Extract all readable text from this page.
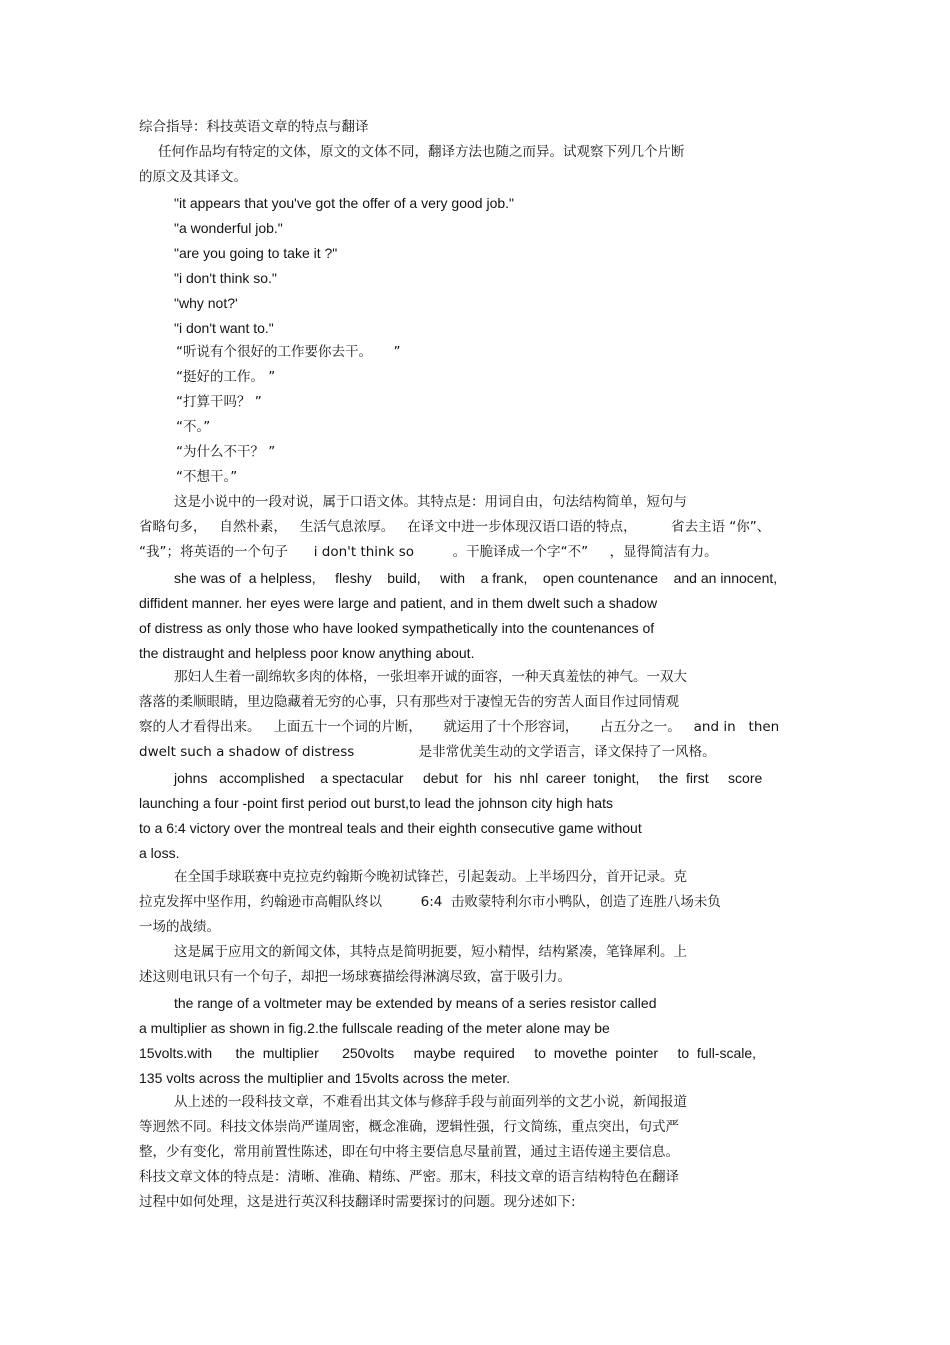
综合指导：科技英语文章的特点与翻译
任何作品均有特定的文体，原文的文体不同，翻译方法也随之而异。试观察下列几个片断
的原文及其译文。
"it appears that you've got the offer of a very good job."
"a wonderful job."
"are you going to take it ?"
"i don't think so."
"why not?'
"i don't want to."
“听说有个很好的工作要你去干。     ”
“挺好的工作。 ”
“打算干吗？ ”
“不。”
“为什么不干？ ”
“不想干。”
这是小说中的一段对说，属于口语文体。其特点是：用词自由，句法结构简单，短句与
省略句多，   自然朴素，   生活气息浓厚。   在译文中进一步体现汉语口语的特点，        省去主语 “你”、
“我”；将英语的一个句子      i don't think so         。干脆译成一个字“不”     ，显得简洁有力。
she was of  a helpless,     fleshy    build,     with    a frank,    open countenance    and an innocent,
diffident manner. her eyes were large and patient, and in them dwelt such a shadow
of distress as only those who have looked sympathetically into the countenances of
the distraught and helpless poor know anything about.
那妇人生着一副绵软多肉的体格，一张坦率开诚的面容，一种天真羞怯的神气。一双大
落落的柔顺眼睛，里边隐藏着无穷的心事，只有那些对于凄惶无告的穷苦人面目作过同情观
察的人才看得出来。   上面五十一个词的片断，     就运用了十个形容词，     占五分之一。   and in   then
dwelt such a shadow of distress               是非常优美生动的文学语言，译文保持了一风格。
johns   accomplished    a spectacular     debut  for   his  nhl  career  tonight,     the  first     score
launching a four -point first period out burst,to lead the johnson city high hats
to a 6:4 victory over the montreal teals and their eighth consecutive game without
a loss.
在全国手球联赛中克拉克约翰斯今晚初试锋芒，引起轰动。上半场四分，首开记录。克
拉克发挥中坚作用，约翰逊市高帽队终以         6:4  击败蒙特利尔市小鸭队，创造了连胜八场未负
一场的战绩。
这是属于应用文的新闻文体，其特点是简明扼要，短小精悍，结构紧凑，笔锋犀利。上
述这则电讯只有一个句子，却把一场球赛描绘得淋漓尽致，富于吸引力。
the range of a voltmeter may be extended by means of a series resistor called
a multiplier as shown in fig.2.the fullscale reading of the meter alone may be
15volts.with      the  multiplier      250volts     maybe  required     to  movethe  pointer     to  full-scale,
135 volts across the multiplier and 15volts across the meter.
从上述的一段科技文章，不难看出其文体与修辞手段与前面列举的文艺小说，新闻报道
等迥然不同。科技文体崇尚严谨周密，概念准确，逻辑性强，行文简练，重点突出，句式严
整，少有变化，常用前置性陈述，即在句中将主要信息尽量前置，通过主语传递主要信息。
科技文章文体的特点是：清晰、准确、精练、严密。那末，科技文章的语言结构特色在翻译
过程中如何处理，这是进行英汉科技翻译时需要探讨的问题。现分述如下:
